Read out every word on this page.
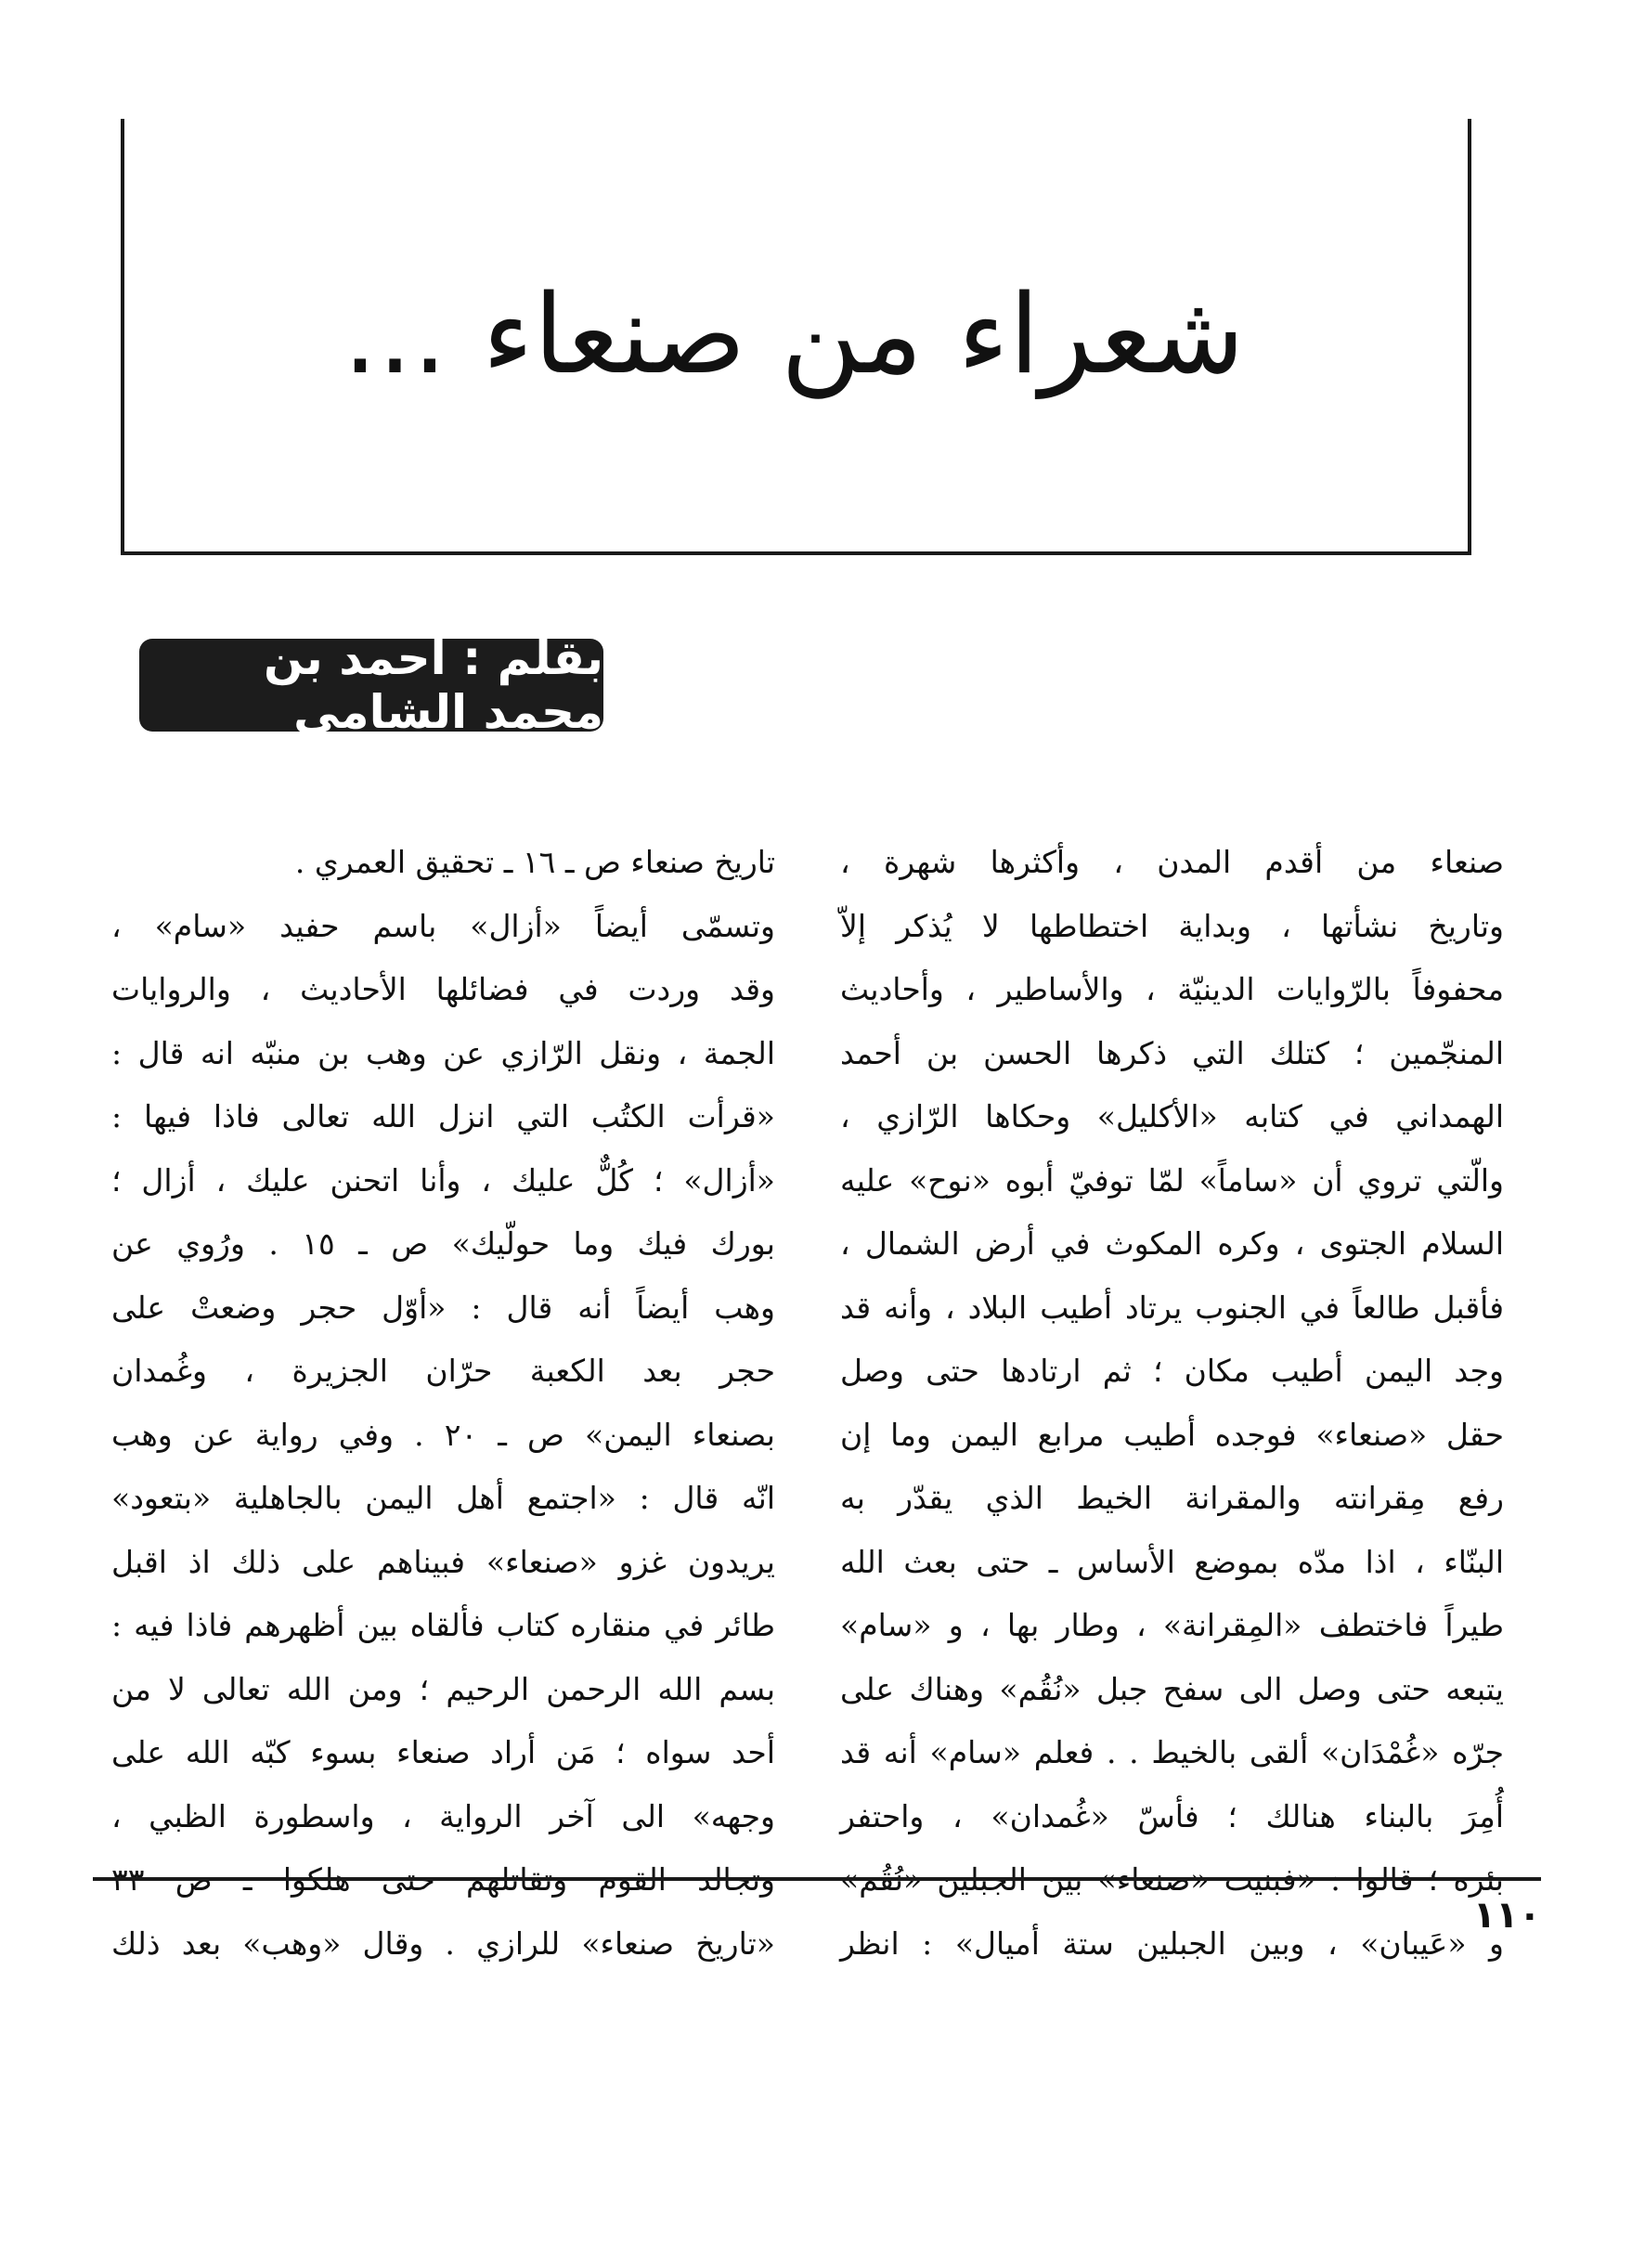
شعراء من صنعاء ...
بقلم : أحمد بن محمد الشامي
صنعاء من أقدم المدن ، وأكثرها شهرة ،
وتاريخ نشأتها ، وبداية اختطاطها لا يُذكر إلاّ
محفوفاً بالرّوايات الدينيّة ، والأساطير ، وأحاديث
المنجّمين ؛ كتلك التي ذكرها الحسن بن أحمد
الهمداني في كتابه «الأكليل» وحكاها الرّازي ،
والّتي تروي أن «ساماً» لمّا توفيّ أبوه «نوح» عليه
السلام الجتوى ، وكره المكوث في أرض الشمال ،
فأقبل طالعاً في الجنوب يرتاد أطيب البلاد ، وأنه قد
وجد اليمن أطيب مكان ؛ ثم ارتادها حتى وصل
حقل «صنعاء» فوجده أطيب مرابع اليمن وما إن
رفع مِقرانته والمقرانة الخيط الذي يقدّر به
البنّاء ، اذا مدّه بموضع الأساس ـ حتى بعث الله
طيراً فاختطف «المِقرانة» ، وطار بها ، و «سام»
يتبعه حتى وصل الى سفح جبل «نُقُم» وهناك على
جرّه «غُمْدَان» ألقى بالخيط . . فعلم «سام» أنه قد
أُمِرَ بالبناء هنالك ؛ فأسّ «غُمدان» ، واحتفر
بئره ؛ قالوا : «فبنيت «صنعاء» بين الجبلين «نُقُم»
و «عَيبان» ، وبين الجبلين ستة أميال» : انظر
تاريخ صنعاء ص ـ ١٦ ـ تحقيق العمري .
وتسمّى أيضاً «أزال» باسم حفيد «سام» ،
وقد وردت في فضائلها الأحاديث ، والروايات
الجمة ، ونقل الرّازي عن وهب بن منبّه انه قال :
«قرأت الكتُب التي انزل الله تعالى فاذا فيها :
«أزال» ؛ كُلٌّ عليك ، وأنا اتحنن عليك ، أزال ؛
بورك فيك وما حولّيك» ص ـ ١٥ . ورُوي عن
وهب أيضاً أنه قال : «أوّل حجر وضعتْ على
حجر بعد الكعبة حرّان الجزيرة ، وغُمدان
بصنعاء اليمن» ص ـ ٢٠ . وفي رواية عن وهب
انّه قال : «اجتمع أهل اليمن بالجاهلية «بتعود»
يريدون غزو «صنعاء» فبيناهم على ذلك اذ اقبل
طائر في منقاره كتاب فألقاه بين أظهرهم فاذا فيه :
بسم الله الرحمن الرحيم ؛ ومن الله تعالى لا من
أحد سواه ؛ مَن أراد صنعاء بسوء كبّه الله على
وجهه» الى آخر الرواية ، واسطورة الظبي ،
وتجالد القوم وتقاتلهم حتى هلكوا ـ ص ٣٣
«تاريخ صنعاء» للرازي . وقال «وهب» بعد ذلك
١١٠
